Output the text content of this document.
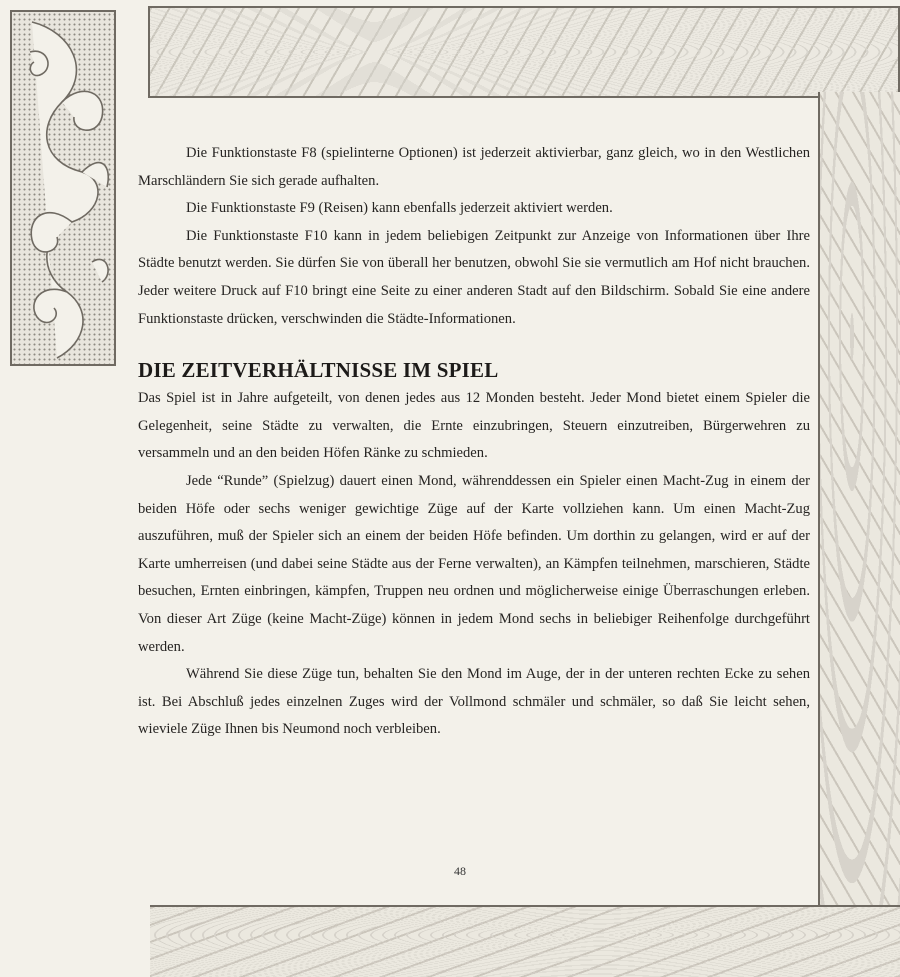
Die Funktionstaste F8 (spielinterne Optionen) ist jederzeit aktivierbar, ganz gleich, wo in den Westlichen Marschländern Sie sich gerade aufhalten.

Die Funktionstaste F9 (Reisen) kann ebenfalls jederzeit aktiviert werden.

Die Funktionstaste F10 kann in jedem beliebigen Zeitpunkt zur Anzeige von Informationen über Ihre Städte benutzt werden. Sie dürfen Sie von überall her benutzen, obwohl Sie sie vermutlich am Hof nicht brauchen. Jeder weitere Druck auf F10 bringt eine Seite zu einer anderen Stadt auf den Bildschirm. Sobald Sie eine andere Funktionstaste drücken, verschwinden die Städte-Informationen.

DIE ZEITVERHÄLTNISSE IM SPIEL

Das Spiel ist in Jahre aufgeteilt, von denen jedes aus 12 Monden besteht. Jeder Mond bietet einem Spieler die Gelegenheit, seine Städte zu verwalten, die Ernte einzubringen, Steuern einzutreiben, Bürgerwehren zu versammeln und an den beiden Höfen Ränke zu schmieden.

Jede “Runde” (Spielzug) dauert einen Mond, währenddessen ein Spieler einen Macht-Zug in einem der beiden Höfe oder sechs weniger gewichtige Züge auf der Karte vollziehen kann. Um einen Macht-Zug auszuführen, muß der Spieler sich an einem der beiden Höfe befinden. Um dorthin zu gelangen, wird er auf der Karte umherreisen (und dabei seine Städte aus der Ferne verwalten), an Kämpfen teilnehmen, marschieren, Städte besuchen, Ernten einbringen, kämpfen, Truppen neu ordnen und möglicherweise einige Überraschungen erleben. Von dieser Art Züge (keine Macht-Züge) können in jedem Mond sechs in beliebiger Reihenfolge durchgeführt werden.

Während Sie diese Züge tun, behalten Sie den Mond im Auge, der in der unteren rechten Ecke zu sehen ist. Bei Abschluß jedes einzelnen Zuges wird der Vollmond schmäler und schmäler, so daß Sie leicht sehen, wieviele Züge Ihnen bis Neumond noch verbleiben.

48
